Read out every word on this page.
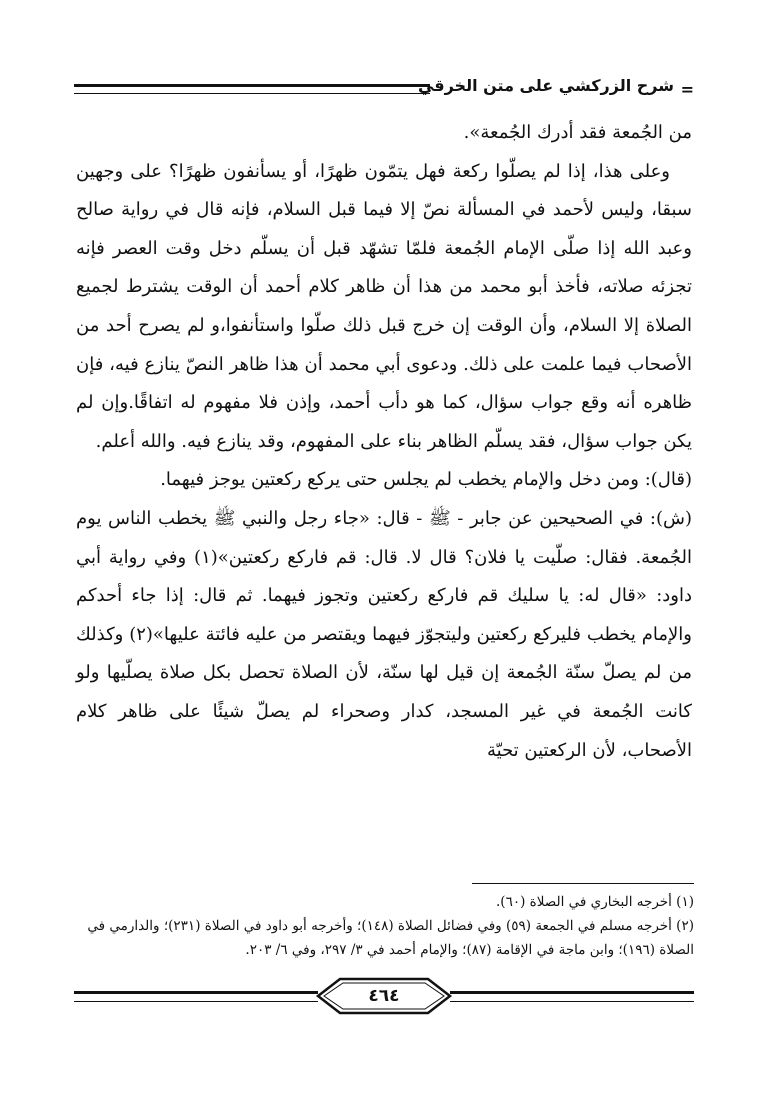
=
شرح الزركشي على متن الخرقي

من الجُمعة فقد أدرك الجُمعة».

وعلى هذا، إذا لم يصلّوا ركعة فهل يتمّون ظهرًا، أو يسأنفون ظهرًا؟ على وجهين سبقا، وليس لأحمد في المسألة نصّ إلا فيما قبل السلام، فإنه قال في رواية صالح وعبد الله إذا صلّى الإمام الجُمعة فلمّا تشهّد قبل أن يسلّم دخل وقت العصر فإنه تجزئه صلاته، فأخذ أبو محمد من هذا أن ظاهر كلام أحمد أن الوقت يشترط لجميع الصلاة إلا السلام، وأن الوقت إن خرج قبل ذلك صلّوا واستأنفوا،و لم يصرح أحد من الأصحاب فيما علمت على ذلك. ودعوى أبي محمد أن هذا ظاهر النصّ ينازع فيه، فإن ظاهره أنه وقع جواب سؤال، كما هو دأب أحمد، وإذن فلا مفهوم له اتفاقًا.وإن لم يكن جواب سؤال، فقد يسلّم الظاهر بناء على المفهوم، وقد ينازع فيه. والله أعلم.

(قال): ومن دخل والإمام يخطب لم يجلس حتى يركع ركعتين يوجز فيهما.

(ش): في الصحيحين عن جابر - ﷺ - قال: «جاء رجل والنبي ﷺ يخطب الناس يوم الجُمعة. فقال: صلّيت يا فلان؟ قال لا. قال: قم فاركع ركعتين»(١) وفي رواية أبي داود: «قال له: يا سليك قم فاركع ركعتين وتجوز فيهما. ثم قال: إذا جاء أحدكم والإمام يخطب فليركع ركعتين وليتجوّز فيهما ويقتصر من عليه فائتة عليها»(٢) وكذلك من لم يصلّ سنّة الجُمعة إن قيل لها سنّة، لأن الصلاة تحصل بكل صلاة يصلّيها ولو كانت الجُمعة في غير المسجد، كدار وصحراء لم يصلّ شيئًا على ظاهر كلام الأصحاب، لأن الركعتين تحيّة

(١) أخرجه البخاري في الصلاة (٦٠).

(٢) أخرجه مسلم في الجمعة (٥٩) وفي فضائل الصلاة (١٤٨)؛ وأخرجه أبو داود في الصلاة (٢٣١)؛ والدارمي في الصلاة (١٩٦)؛ وابن ماجة في الإقامة (٨٧)؛ والإمام أحمد في ٣/ ٢٩٧، وفي ٦/ ٢٠٣.

٤٦٤
